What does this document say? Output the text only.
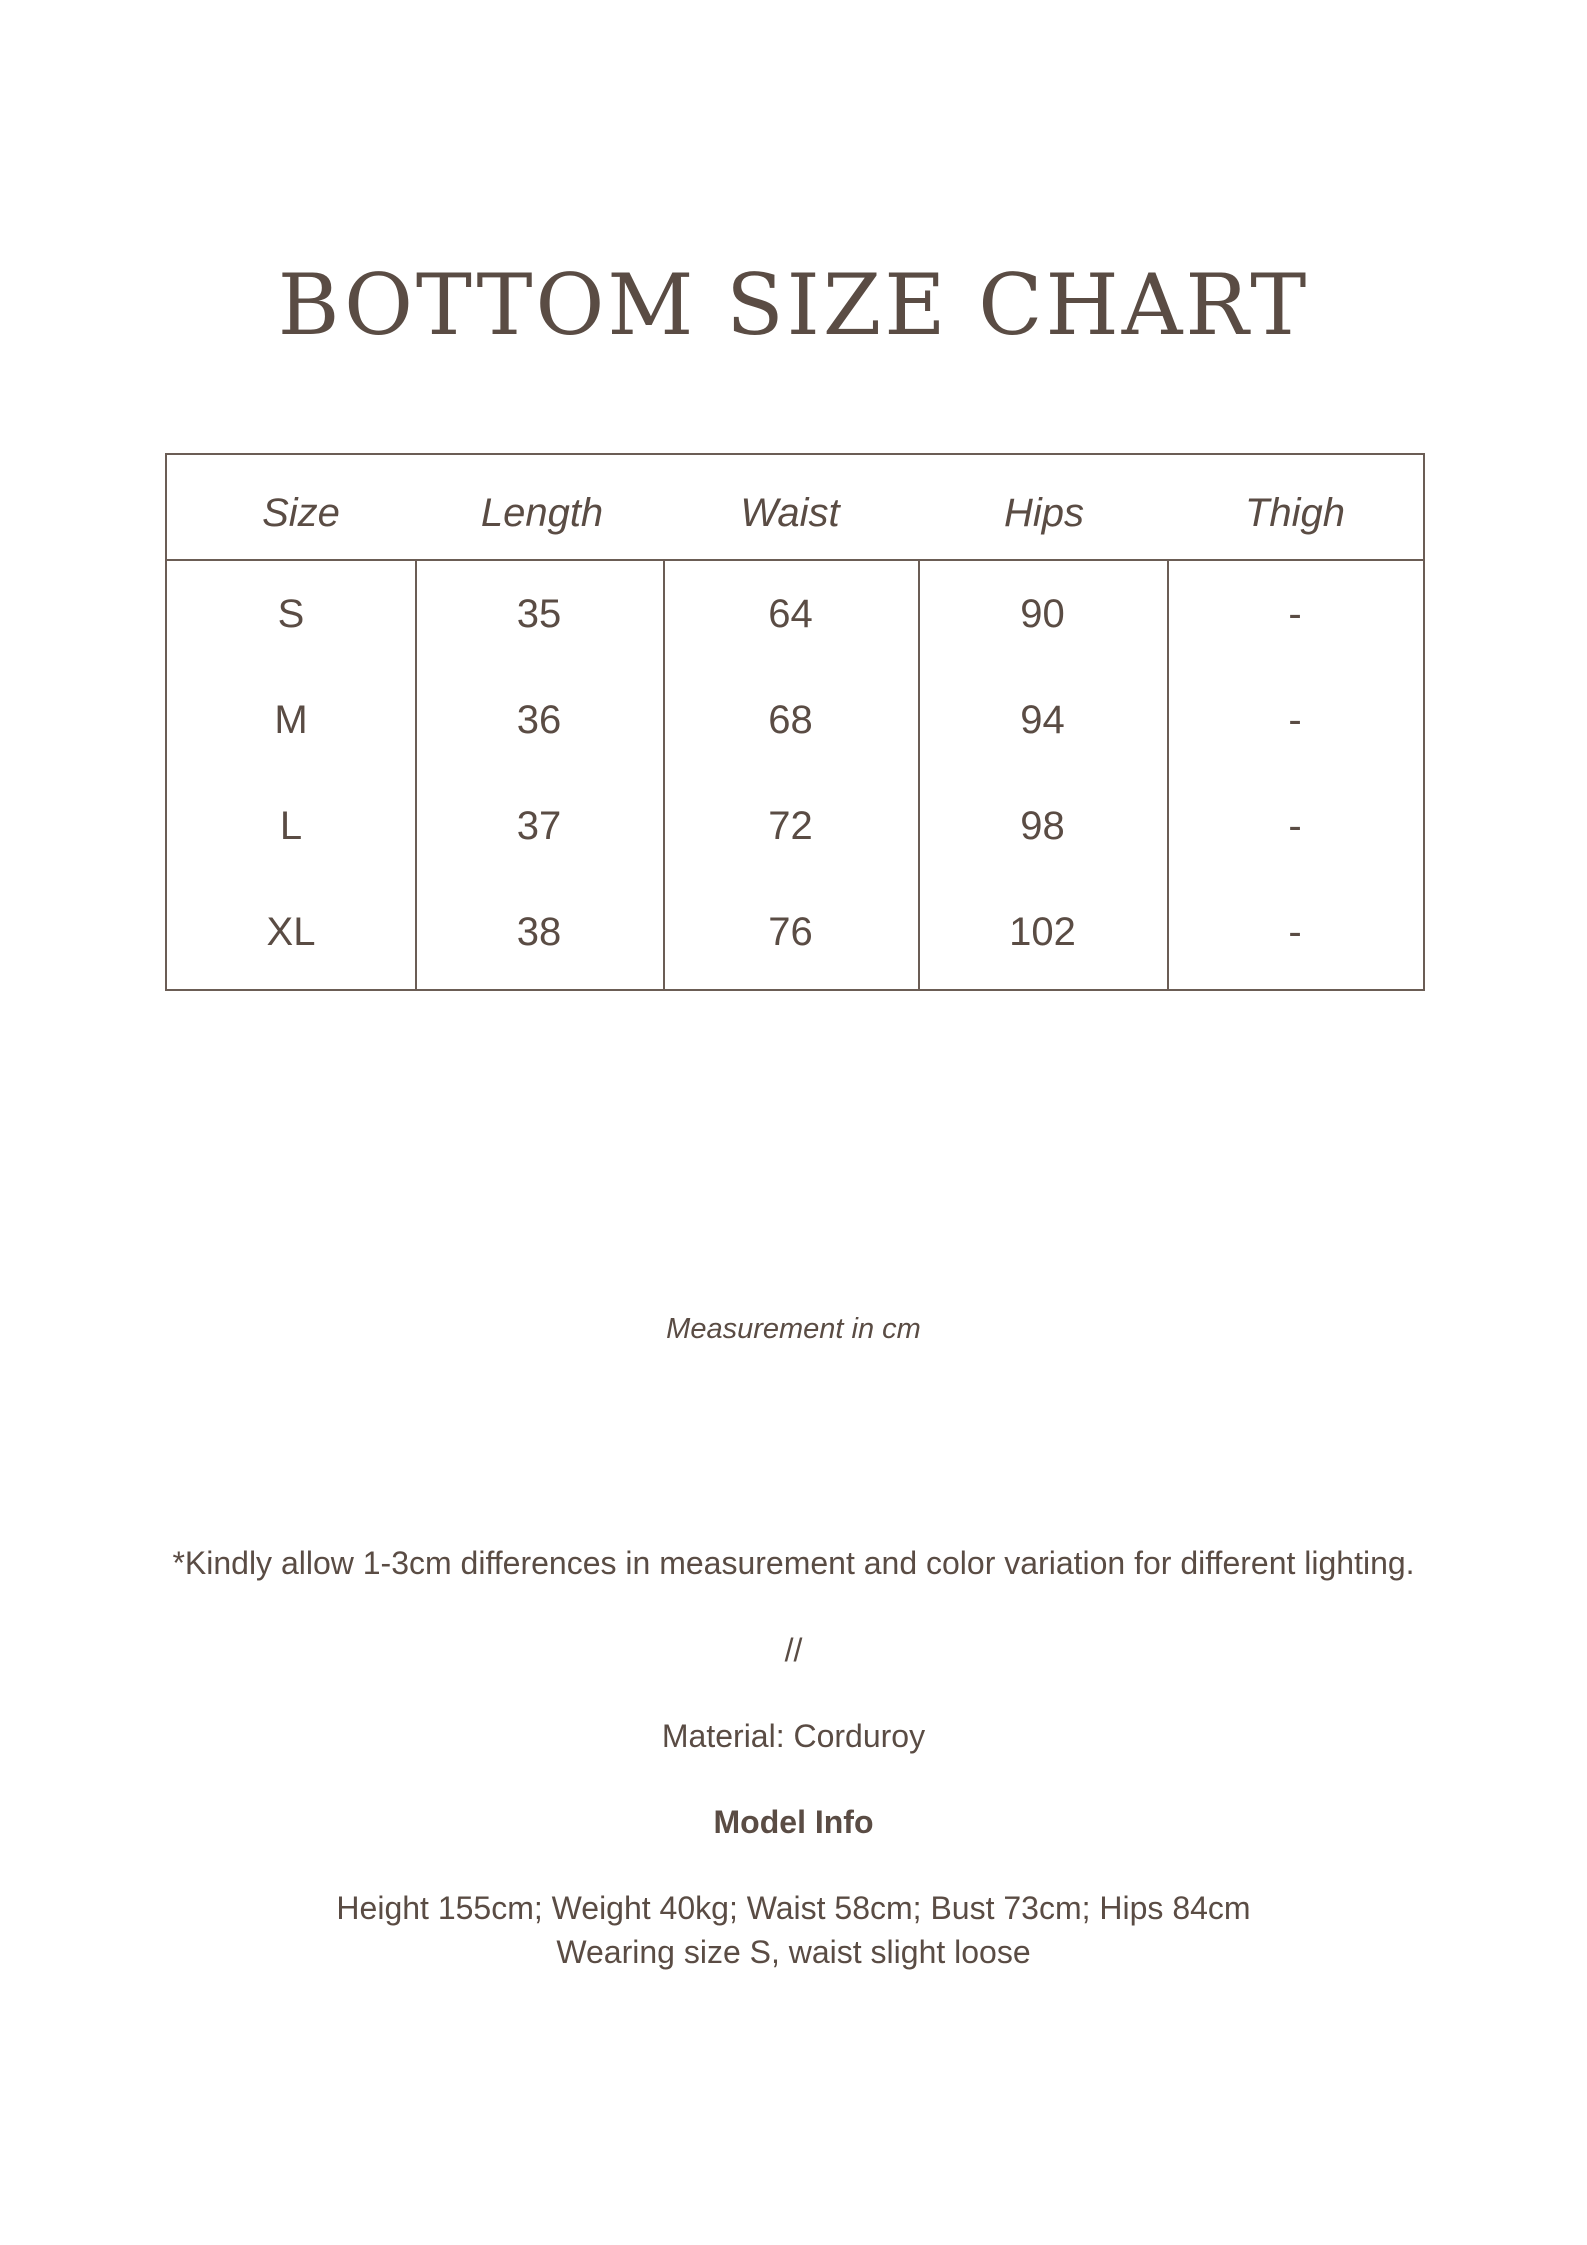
BOTTOM SIZE CHART
Size	Length	Waist	Hips	Thigh
S	35	64	90	-
M	36	68	94	-
L	37	72	98	-
XL	38	76	102	-
Measurement in cm
*Kindly allow 1-3cm differences in measurement and color variation for different lighting.
//
Material: Corduroy
Model Info
Height 155cm; Weight 40kg; Waist 58cm; Bust 73cm; Hips 84cm
Wearing size S, waist slight loose
